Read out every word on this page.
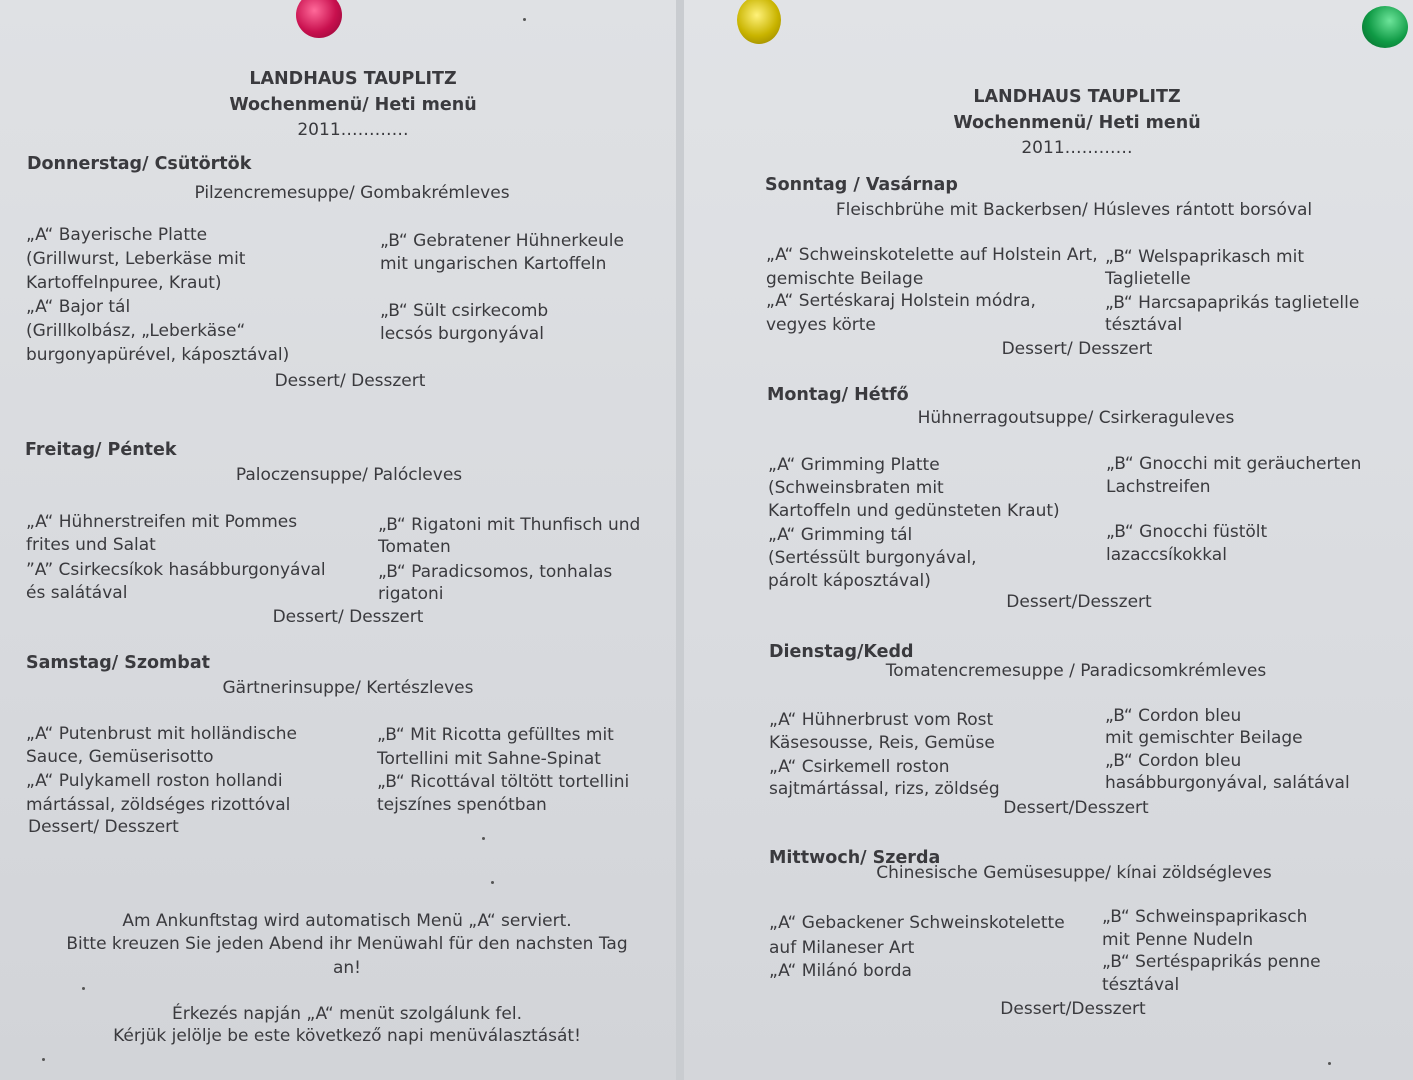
LANDHAUS TAUPLITZ
Wochenmenü/ Heti menü
2011…………
Donnerstag/ Csütörtök
Pilzencremesuppe/ Gombakrémleves
„A“ Bayerische Platte
(Grillwurst, Leberkäse mit
Kartoffelnpuree, Kraut)
„A“ Bajor tál
(Grillkolbász, „Leberkäse“
burgonyapürével, káposztával)
„B“ Gebratener Hühnerkeule
mit ungarischen Kartoffeln
„B“ Sült csirkecomb
lecsós burgonyával
Dessert/ Desszert
Freitag/ Péntek
Paloczensuppe/ Palócleves
„A“ Hühnerstreifen mit Pommes
frites und Salat
”A” Csirkecsíkok hasábburgonyával
és salátával
„B“ Rigatoni mit Thunfisch und
Tomaten
„B“ Paradicsomos, tonhalas
rigatoni
Dessert/ Desszert
Samstag/ Szombat
Gärtnerinsuppe/ Kertészleves
„A“ Putenbrust mit holländische
Sauce, Gemüserisotto
„A“ Pulykamell roston hollandi
mártással, zöldséges rizottóval
„B“ Mit Ricotta gefülltes mit
Tortellini mit Sahne-Spinat
„B“ Ricottával töltött tortellini
tejszínes spenótban
Dessert/ Desszert
Am Ankunftstag wird automatisch Menü „A“ serviert.
Bitte kreuzen Sie jeden Abend ihr Menüwahl für den nachsten Tag
an!
Érkezés napján „A“ menüt szolgálunk fel.
Kérjük jelölje be este következő napi menüválasztását!
LANDHAUS TAUPLITZ
Wochenmenü/ Heti menü
2011…………
Sonntag / Vasárnap
Fleischbrühe mit Backerbsen/ Húsleves rántott borsóval
„A“ Schweinskotelette auf Holstein Art,
gemischte Beilage
„A“ Sertéskaraj Holstein módra,
vegyes körte
„B“ Welspaprikasch mit
Taglietelle
„B“ Harcsapaprikás taglietelle
tésztával
Dessert/ Desszert
Montag/ Hétfő
Hühnerragoutsuppe/ Csirkeraguleves
„A“ Grimming Platte
(Schweinsbraten mit
Kartoffeln und gedünsteten Kraut)
„A“ Grimming tál
(Sertéssült burgonyával,
párolt káposztával)
„B“ Gnocchi mit geräucherten
Lachstreifen
„B“ Gnocchi füstölt
lazaccsíkokkal
Dessert/Desszert
Dienstag/Kedd
Tomatencremesuppe / Paradicsomkrémleves
„A“ Hühnerbrust vom Rost
Käsesousse, Reis, Gemüse
„A“ Csirkemell roston
sajtmártással, rizs, zöldség
„B“ Cordon bleu
mit gemischter Beilage
„B“ Cordon bleu
hasábburgonyával, salátával
Dessert/Desszert
Mittwoch/ Szerda
Chinesische Gemüsesuppe/ kínai zöldségleves
„A“ Gebackener Schweinskotelette
auf Milaneser Art
„A“ Milánó borda
„B“ Schweinspaprikasch
mit Penne Nudeln
„B“ Sertéspaprikás penne
tésztával
Dessert/Desszert
